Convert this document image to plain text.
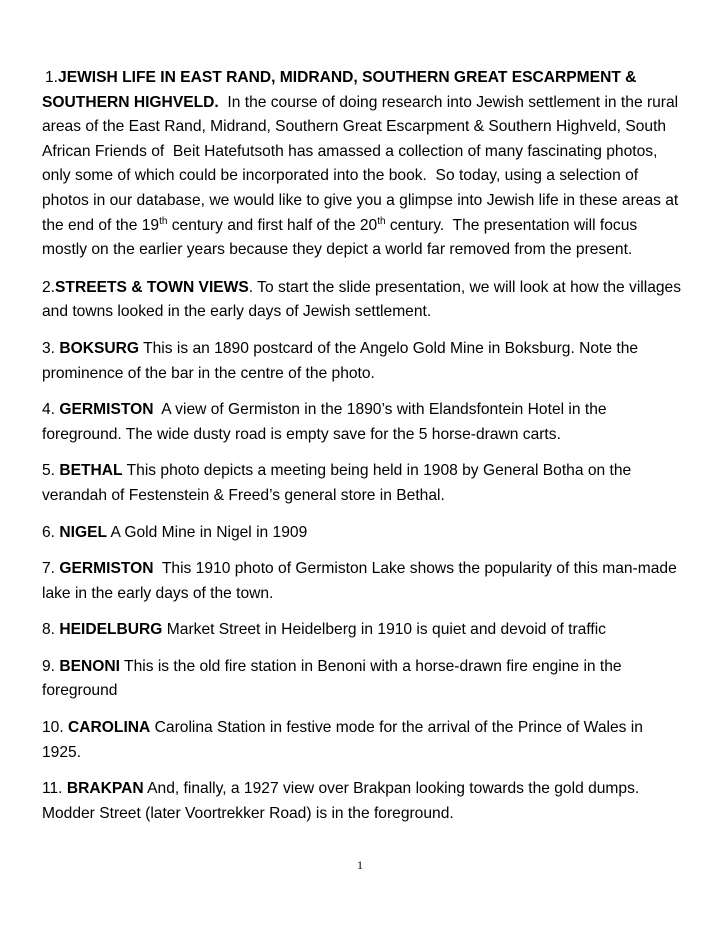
1.JEWISH LIFE IN EAST RAND, MIDRAND, SOUTHERN GREAT ESCARPMENT & SOUTHERN HIGHVELD.  In the course of doing research into Jewish settlement in the rural areas of the East Rand, Midrand, Southern Great Escarpment & Southern Highveld, South African Friends of  Beit Hatefutsoth has amassed a collection of many fascinating photos, only some of which could be incorporated into the book.  So today, using a selection of photos in our database, we would like to give you a glimpse into Jewish life in these areas at the end of the 19th century and first half of the 20th century.  The presentation will focus mostly on the earlier years because they depict a world far removed from the present.

2.STREETS & TOWN VIEWS. To start the slide presentation, we will look at how the villages and towns looked in the early days of Jewish settlement.

3. BOKSURG This is an 1890 postcard of the Angelo Gold Mine in Boksburg. Note the prominence of the bar in the centre of the photo.

4. GERMISTON  A view of Germiston in the 1890’s with Elandsfontein Hotel in the foreground. The wide dusty road is empty save for the 5 horse-drawn carts.

5. BETHAL This photo depicts a meeting being held in 1908 by General Botha on the verandah of Festenstein & Freed’s general store in Bethal.

6. NIGEL A Gold Mine in Nigel in 1909

7. GERMISTON  This 1910 photo of Germiston Lake shows the popularity of this man-made lake in the early days of the town.

8. HEIDELBURG Market Street in Heidelberg in 1910 is quiet and devoid of traffic

9. BENONI This is the old fire station in Benoni with a horse-drawn fire engine in the foreground

10. CAROLINA Carolina Station in festive mode for the arrival of the Prince of Wales in 1925.

11. BRAKPAN And, finally, a 1927 view over Brakpan looking towards the gold dumps. Modder Street (later Voortrekker Road) is in the foreground.

1
